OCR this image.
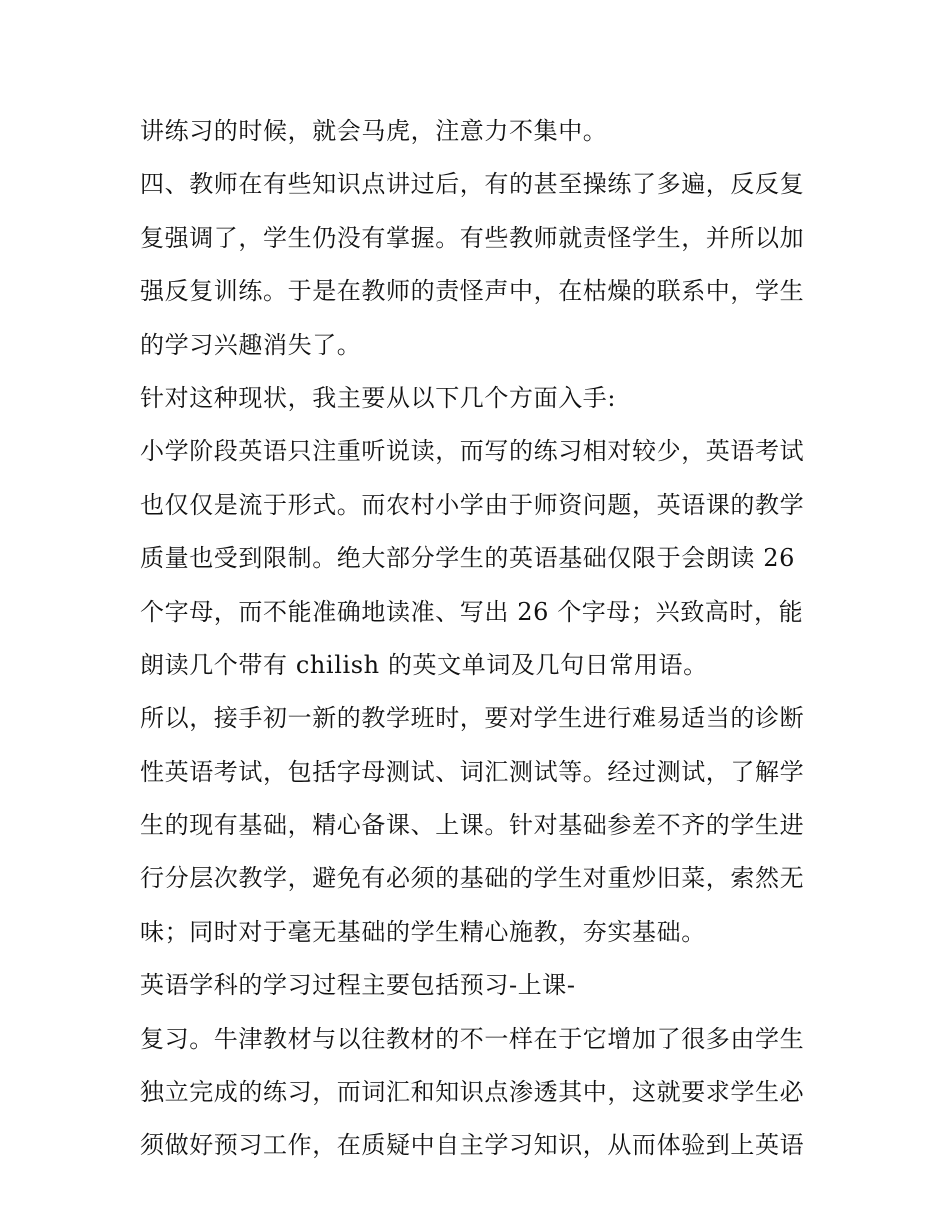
讲练习的时候，就会马虎，注意力不集中。
四、教师在有些知识点讲过后，有的甚至操练了多遍，反反复
复强调了，学生仍没有掌握。有些教师就责怪学生，并所以加
强反复训练。于是在教师的责怪声中，在枯燥的联系中，学生
的学习兴趣消失了。
针对这种现状，我主要从以下几个方面入手:
小学阶段英语只注重听说读，而写的练习相对较少，英语考试
也仅仅是流于形式。而农村小学由于师资问题，英语课的教学
质量也受到限制。绝大部分学生的英语基础仅限于会朗读 26
个字母，而不能准确地读准、写出 26 个字母；兴致高时，能
朗读几个带有 chilish 的英文单词及几句日常用语。
所以，接手初一新的教学班时，要对学生进行难易适当的诊断
性英语考试，包括字母测试、词汇测试等。经过测试，了解学
生的现有基础，精心备课、上课。针对基础参差不齐的学生进
行分层次教学，避免有必须的基础的学生对重炒旧菜，索然无
味；同时对于毫无基础的学生精心施教，夯实基础。
英语学科的学习过程主要包括预习-上课-
复习。牛津教材与以往教材的不一样在于它增加了很多由学生
独立完成的练习，而词汇和知识点渗透其中，这就要求学生必
须做好预习工作，在质疑中自主学习知识，从而体验到上英语
